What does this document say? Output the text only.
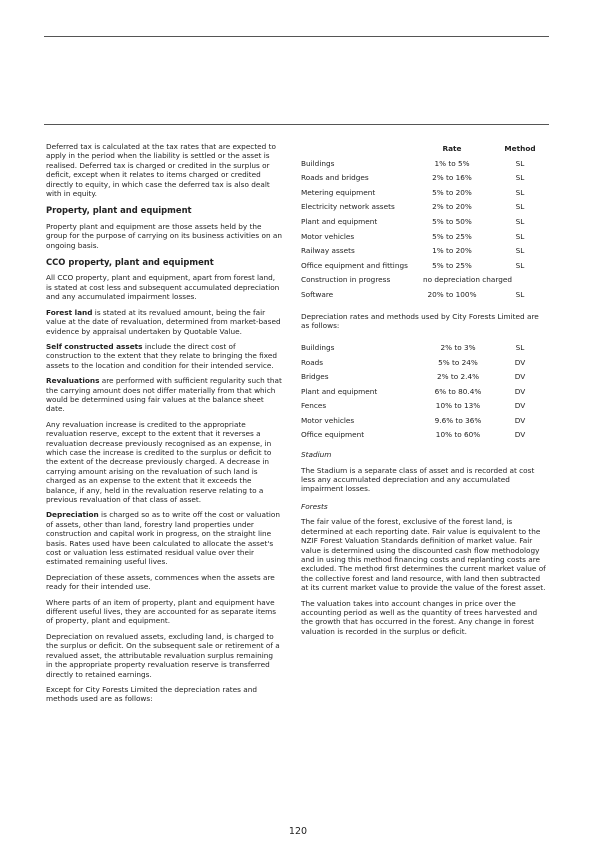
Deferred tax is calculated at the tax rates that are expected to apply in the period when the liability is settled or the asset is realised. Deferred tax is charged or credited in the surplus or deficit, except when it relates to items charged or credited directly to equity, in which case the deferred tax is also dealt with in equity.

Property, plant and equipment

Property plant and equipment are those assets held by the group for the purpose of carrying on its business activities on an ongoing basis.

CCO property, plant and equipment

All CCO property, plant and equipment, apart from forest land, is stated at cost less and subsequent accumulated depreciation and any accumulated impairment losses.

Forest land is stated at its revalued amount, being the fair value at the date of revaluation, determined from market-based evidence by appraisal undertaken by Quotable Value.

Self constructed assets include the direct cost of construction to the extent that they relate to bringing the fixed assets to the location and condition for their intended service.

Revaluations are performed with sufficient regularity such that the carrying amount does not differ materially from that which would be determined using fair values at the balance sheet date.

Any revaluation increase is credited to the appropriate revaluation reserve, except to the extent that it reverses a revaluation decrease previously recognised as an expense, in which case the increase is credited to the surplus or deficit to the extent of the decrease previously charged. A decrease in carrying amount arising on the revaluation of such land is charged as an expense to the extent that it exceeds the balance, if any, held in the revaluation reserve relating to a previous revaluation of that class of asset.

Depreciation is charged so as to write off the cost or valuation of assets, other than land, forestry land properties under construction and capital work in progress, on the straight line basis. Rates used have been calculated to allocate the asset's cost or valuation less estimated residual value over their estimated remaining useful lives.

Depreciation of these assets, commences when the assets are ready for their intended use.

Where parts of an item of property, plant and equipment have different useful lives, they are accounted for as separate items of property, plant and equipment.

Depreciation on revalued assets, excluding land, is charged to the surplus or deficit. On the subsequent sale or retirement of a revalued asset, the attributable revaluation surplus remaining in the appropriate property revaluation reserve is transferred directly to retained earnings.

Except for City Forests Limited the depreciation rates and methods used are as follows:

	Rate	Method
Buildings	1% to 5%	SL
Roads and bridges	2% to 16%	SL
Metering equipment	5% to 20%	SL
Electricity network assets	2% to 20%	SL
Plant and equipment	5% to 50%	SL
Motor vehicles	5% to 25%	SL
Railway assets	1% to 20%	SL
Office equipment and fittings	5% to 25%	SL
Construction in progress	no depreciation charged	
Software	20% to 100%	SL

Depreciation rates and methods used by City Forests Limited are as follows:

Buildings	2% to 3%	SL
Roads	5% to 24%	DV
Bridges	2% to 2.4%	DV
Plant and equipment	6% to 80.4%	DV
Fences	10% to 13%	DV
Motor vehicles	9.6% to 36%	DV
Office equipment	10% to 60%	DV

Stadium

The Stadium is a separate class of asset and is recorded at cost less any accumulated depreciation and any accumulated impairment losses.

Forests

The fair value of the forest, exclusive of the forest land, is determined at each reporting date. Fair value is equivalent to the NZIF Forest Valuation Standards definition of market value. Fair value is determined using the discounted cash flow methodology and in using this method financing costs and replanting costs are excluded. The method first determines the current market value of the collective forest and land resource, with land then subtracted at its current market value to provide the value of the forest asset.

The valuation takes into account changes in price over the accounting period as well as the quantity of trees harvested and the growth that has occurred in the forest. Any change in forest valuation is recorded in the surplus or deficit.

120
